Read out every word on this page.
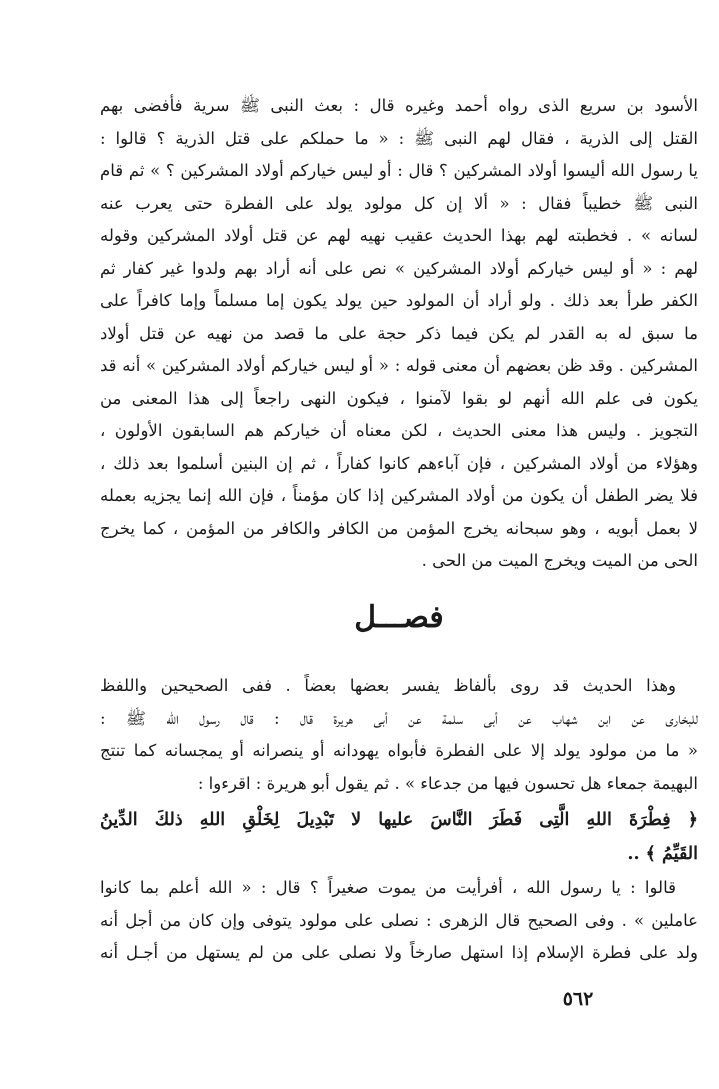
الأسود بن سريع الذى رواه أحمد وغيره قال : بعث النبى ﷺ سرية فأفضى بهم
القتل إلى الذرية ، فقال لهم النبى ﷺ : « ما حملكم على قتل الذرية ؟ قالوا :
يا رسول الله أليسوا أولاد المشركين ؟ قال : أو ليس خياركم أولاد المشركين ؟ » ثم قام
النبى ﷺ خطيباً فقال : « ألا إن كل مولود يولد على الفطرة حتى يعرب عنه
لسانه » . فخطبته لهم بهذا الحديث عقيب نهيه لهم عن قتل أولاد المشركين وقوله
لهم : « أو ليس خياركم أولاد المشركين » نص على أنه أراد بهم ولدوا غير كفار ثم
الكفر طرأ بعد ذلك . ولو أراد أن المولود حين يولد يكون إما مسلماً وإما كافراً على
ما سبق له به القدر لم يكن فيما ذكر حجة على ما قصد من نهيه عن قتل أولاد
المشركين . وقد ظن بعضهم أن معنى قوله : « أو ليس خياركم أولاد المشركين » أنه قد
يكون فى علم الله أنهم لو بقوا لآمنوا ، فيكون النهى راجعاً إلى هذا المعنى من
التجويز . وليس هذا معنى الحديث ، لكن معناه أن خياركم هم السابقون الأولون ،
وهؤلاء من أولاد المشركين ، فإن آباءهم كانوا كفاراً ، ثم إن البنين أسلموا بعد ذلك ،
فلا يضر الطفل أن يكون من أولاد المشركين إذا كان مؤمناً ، فإن الله إنما يجزيه بعمله
لا بعمل أبويه ، وهو سبحانه يخرج المؤمن من الكافر والكافر من المؤمن ، كما يخرج
الحى من الميت ويخرج الميت من الحى .
فصـــل
وهذا الحديث قد روى بألفاظ يفسر بعضها بعضاً . ففى الصحيحين واللفظ
للبخارى عن ابن شهاب عن أبى سلمة عن أبى هريرة قال : قال رسول الله ﷺ :
« ما من مولود يولد إلا على الفطرة فأبواه يهودانه أو ينصرانه أو يمجسانه كما تنتج
البهيمة جمعاء هل تحسون فيها من جدعاء » . ثم يقول أبو هريرة : اقرءوا :
﴿ فِطْرَةَ اللهِ الَّتِى فَطَرَ النَّاسَ عليها لا تَبْدِيلَ لِخَلْقِ اللهِ ذلكَ الدِّينُ
القَيِّمُ ﴾ ..
قالوا : يا رسول الله ، أفرأيت من يموت صغيراً ؟ قال : « الله أعلم بما كانوا
عاملين » . وفى الصحيح قال الزهرى : نصلى على مولود يتوفى وإن كان من أجل أنه
ولد على فطرة الإسلام إذا استهل صارخاً ولا نصلى على من لم يستهل من أجـل أنه
٥٦٢
